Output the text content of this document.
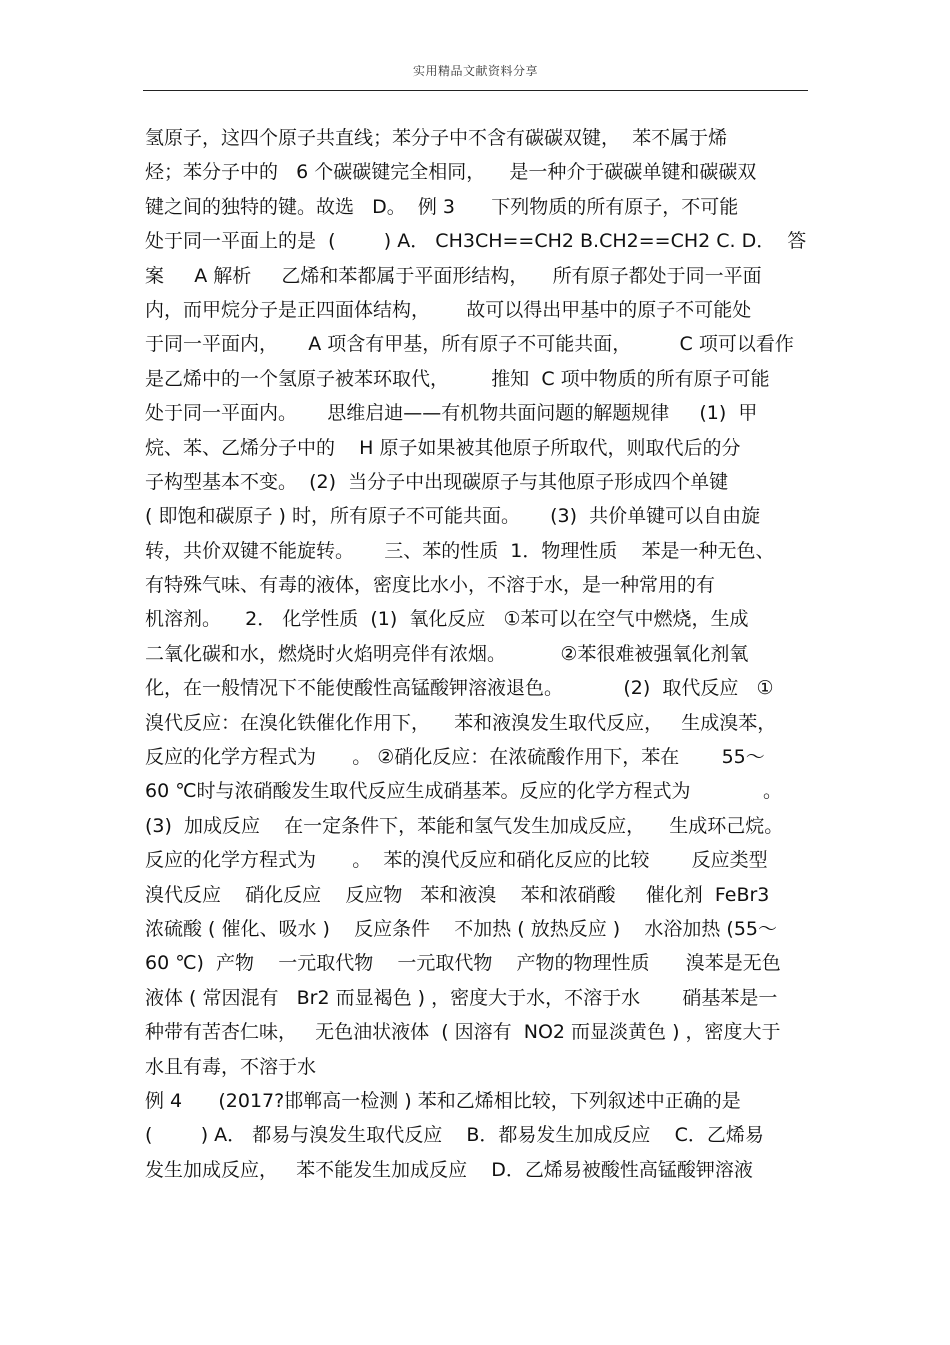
实用精品文献资料分享
氢原子，这四个原子共直线；苯分子中不含有碳碳双键，  苯不属于烯
烃；苯分子中的   6 个碳碳键完全相同，    是一种介于碳碳单键和碳碳双
键之间的独特的键。故选   D。  例 3      下列物质的所有原子，不可能
处于同一平面上的是  (        ) A． CH3CH==CH2 B.CH2==CH2 C. D．  答
案     A 解析     乙烯和苯都属于平面形结构，    所有原子都处于同一平面
内，而甲烷分子是正四面体结构，      故可以得出甲基中的原子不可能处
于同一平面内，     A 项含有甲基，所有原子不可能共面，        C 项可以看作
是乙烯中的一个氢原子被苯环取代，       推知  C 项中物质的所有原子可能
处于同一平面内。     思维启迪——有机物共面问题的解题规律     (1)  甲
烷、苯、乙烯分子中的    H 原子如果被其他原子所取代，则取代后的分
子构型基本不变。  (2)  当分子中出现碳原子与其他原子形成四个单键
( 即饱和碳原子 ) 时，所有原子不可能共面。     (3)  共价单键可以自由旋
转，共价双键不能旋转。     三、苯的性质  1．物理性质    苯是一种无色、
有特殊气味、有毒的液体，密度比水小，不溶于水，是一种常用的有
机溶剂。    2． 化学性质  (1)  氧化反应   ①苯可以在空气中燃烧，生成
二氧化碳和水，燃烧时火焰明亮伴有浓烟。         ②苯很难被强氧化剂氧
化，在一般情况下不能使酸性高锰酸钾溶液退色。          (2)  取代反应   ①
溴代反应：在溴化铁催化作用下，    苯和液溴发生取代反应，   生成溴苯，
反应的化学方程式为      。 ②硝化反应：在浓硫酸作用下，苯在       55～
60 ℃时与浓硝酸发生取代反应生成硝基苯。反应的化学方程式为            。
(3)  加成反应    在一定条件下，苯能和氢气发生加成反应，    生成环己烷。
反应的化学方程式为      。  苯的溴代反应和硝化反应的比较       反应类型
溴代反应    硝化反应    反应物   苯和液溴    苯和浓硝酸     催化剂  FeBr3
浓硫酸 ( 催化、吸水 )    反应条件    不加热 ( 放热反应 )    水浴加热 (55～
60 ℃)  产物    一元取代物    一元取代物    产物的物理性质      溴苯是无色
液体 ( 常因混有   Br2 而显褐色 ) ，密度大于水，不溶于水       硝基苯是一
种带有苦杏仁味，   无色油状液体  ( 因溶有  NO2 而显淡黄色 ) ，密度大于
水且有毒，不溶于水
例 4      (2017?邯郸高一检测 ) 苯和乙烯相比较，下列叙述中正确的是
(        ) A． 都易与溴发生取代反应    B．都易发生加成反应    C．乙烯易
发生加成反应，   苯不能发生加成反应    D．乙烯易被酸性高锰酸钾溶液
